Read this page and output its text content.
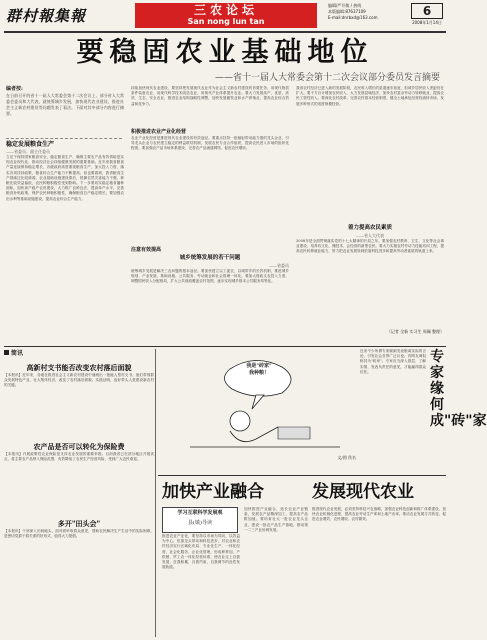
群村報集報	三农论坛
San nong lun tan
编辑/严开敏 / 热线
本版编辑:87637109
E-mail:dnrbxd@163.com	6
2008年1月14日
要稳固农业基础地位
——省十一届人大常委会第十二次会议部分委员发言摘要
编者按:
在日前召开的省十一届人大常委会第十二次会议上，部分省人大常委会委员和大代表，就统筹城乡发展，加快现代农业建设，推进社会主义新农村建设等问题发表了看法。下面对其中部分内容进行摘要。
稳定发展粮食生产
——省委员、副主任委员
立足于保持国家粮食安全，稳定粮食生产，确保主要农产品有效供给是实现农业现代化、推动经济社会持续健康发展的重要基础。近年来我省粮食产量连续保持稳定增长，各级政府高度重视粮食生产，加大投入力度，落实各项扶持政策，粮食综合生产能力不断提高。但也要看到，我省粮食生产基础还比较薄弱，农业基础设施建设滞后，抵御自然灾害能力不强，种粮比较效益偏低，农民种粮积极性受到影响。下一步要切实稳定粮食播种面积，加快高产稳产农田建设，大力推广良种良法，提高单产水平，完善粮食补贴政策，保护农民种粮积极性，确保粮食总产稳定增长。要加强农田水利等基础设施建设，提高农业综合生产能力。
持续加快现代农业建设，要坚持把发展现代农业作为社会主义新农村建设的首要任务，用现代物质条件装备农业，用现代科学技术改造农业，用现代产业体系提升农业。要大力发展高产、优质、高效、生态、安全农业，推进农业结构战略性调整，加快发展畜牧业和水产养殖业，提高农业综合效益和竞争力。
积极推进农业产业化经营
农业产业化经营是推进现代农业建设的有效途径。要重点扶持一批辐射带动能力强的龙头企业，引导龙头企业与农民建立稳定的利益联结机制，发展农民专业合作组织，提高农民进入市场的组织化程度。要加强农产品市场体系建设，完善农产品流通网络，促进农民增收。
注意有效提高
城乡统筹发展的若干问题
——省委员
统筹城乡发展是解决三农问题的根本途径。要加快建立以工促农、以城带乡的长效机制，推进城乡规划、产业发展、基础设施、公共服务、劳动就业和社会管理一体化。要加大财政支农投入力度，调整国民收入分配格局，扩大公共财政覆盖农村范围，逐步实现城乡基本公共服务均等化。
我省农村经济已进入新的发展阶段，农民收入增长的渠道逐步拓宽，但城乡居民收入差距仍在扩大。要千方百计增加农民收入，大力发展县域经济，加快农村富余劳动力转移就业，提高农民工资性收入。要深化农村改革，完善农村基本经营制度，健全土地承包经营权流转市场，发展多种形式的适度规模经营。
着力提高农民素质
——省人大代表
2008年是全面贯彻落实党的十七大精神的开局之年。要加强农村教育、卫生、文化等社会事业建设，培养有文化、懂技术、会经营的新型农民。要大力实施农村劳动力技能培训工程，提高农民转移就业能力，努力把农业发展转到依靠科技进步和提高劳动者素质的轨道上来。
（记者 全新 实习生 周佩 整理）
简讯
高新村支书能否改变农村落后面貌
【本报讯】近年来，各地在推进社会主义新农村建设中涌现出一批能人型村支书。他们带领群众发展特色产业，壮大集体经济，改变了农村落后面貌。实践证明，选好带头人是建设新农村的关键。
农产品是否可以转化为保险费
【本报讯】开展政策性农业保险是支持农业发展的重要举措。目前我省已在部分地区开展试点，将主要农产品纳入保险范围，有效降低了农民生产经营风险，受到广大农民欢迎。
多开"田头会"
【本报讯】干部深入田间地头，面对面听取群众意见，帮助农民解决生产生活中的实际困难，是密切党群干群关系的好形式，值得大力提倡。
我是"砖家"
我种粮！
文/图 佚名
专家缘何成"砖"家
近来不少所谓专家频频发表脱离实际的言论，引发社会各界广泛议论。有网友调侃称其为"砖家"。专家应当深入基层、了解实情，发表负责任的意见，才能赢得群众信任。
加快产业融合	发展现代农业
学习互联科学发展观
县(镇)导读
推进农业产业化，要坚持以市场为导向，以效益为中心，依靠龙头带动和科技进步，对农业和农村经济实行区域化布局、专业化生产、一体化经营、社会化服务、企业化管理，形成种养加、产供销、贸工农一体化经营体系，使农业走上自我发展、自我积累、自我约束、自我调节的良性发展轨道。
加快推进产业融合，延长农业产业链条，发展农产品精深加工，提高农产品附加值。要培育壮大一批农业龙头企业，建设一批农产品生产基地，推动第一二三产业协调发展。
推进现代农业发展，必须坚持科技兴农战略，加强农业科技创新和推广体系建设，加快农业机械化进程，提高农业劳动生产率和土地产出率，推动农业发展方式转变，促进农业增效、农民增收、农村繁荣。
